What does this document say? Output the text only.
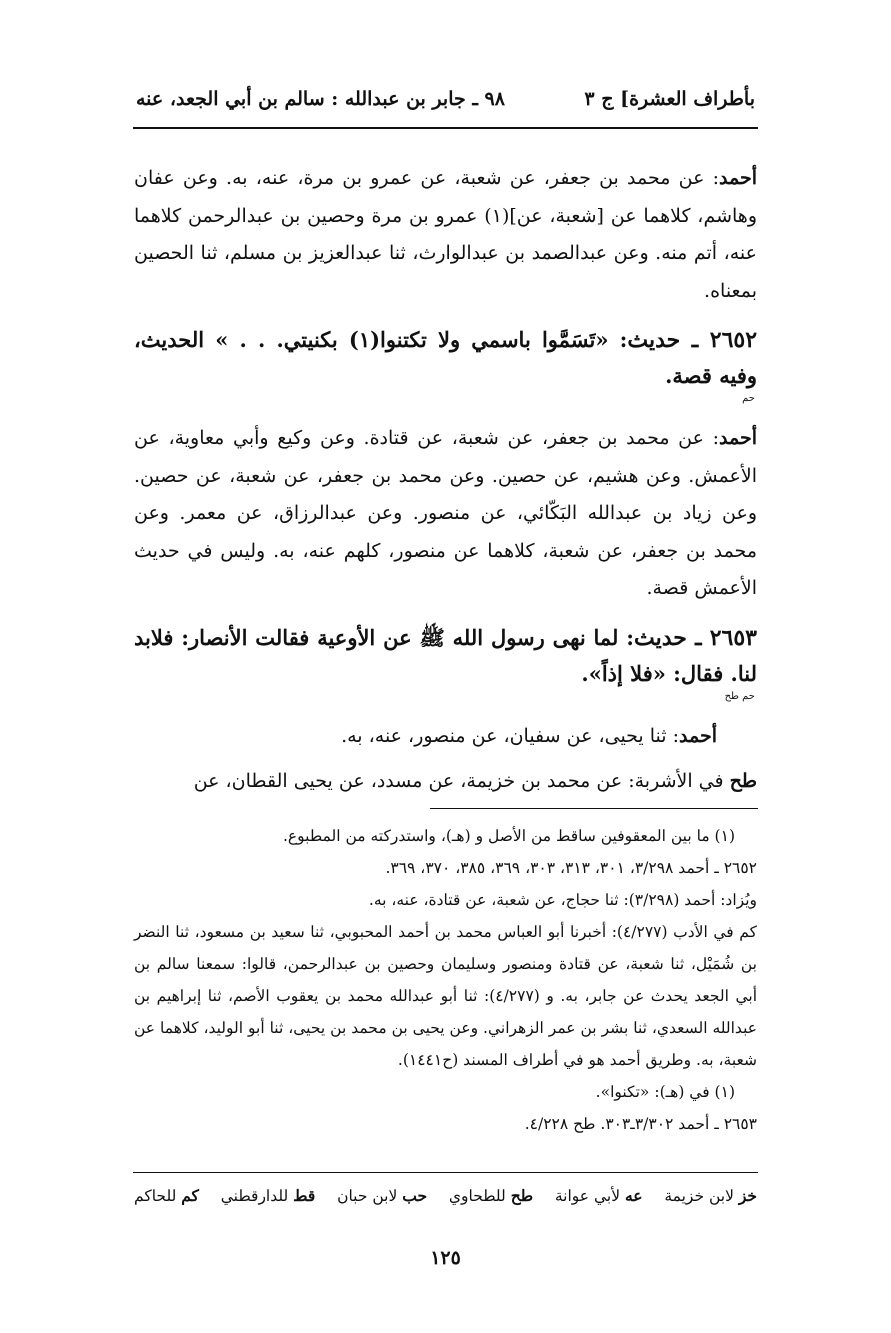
بأطراف العشرة] ج ٣
٩٨ ـ جابر بن عبدالله : سالم بن أبي الجعد، عنه

أحمد: عن محمد بن جعفر، عن شعبة، عن عمرو بن مرة، عنه، به. وعن عفان وهاشم، كلاهما عن [شعبة، عن](١) عمرو بن مرة وحصين بن عبدالرحمن كلاهما عنه، أتم منه. وعن عبدالصمد بن عبدالوارث، ثنا عبدالعزيز بن مسلم، ثنا الحصين بمعناه.

٢٦٥٢ ـ حديث: «تَسَمَّوا باسمي ولا تكتنوا(١) بكنيتي. . . » الحديث، وفيه قصة.
حم

أحمد: عن محمد بن جعفر، عن شعبة، عن قتادة. وعن وكيع وأبي معاوية، عن الأعمش. وعن هشيم، عن حصين. وعن محمد بن جعفر، عن شعبة، عن حصين. وعن زياد بن عبدالله البَكّائي، عن منصور. وعن عبدالرزاق، عن معمر. وعن محمد بن جعفر، عن شعبة، كلاهما عن منصور، كلهم عنه، به. وليس في حديث الأعمش قصة.

٢٦٥٣ ـ حديث: لما نهى رسول الله ﷺ عن الأوعية فقالت الأنصار: فلابد لنا. فقال: «فلا إذاً».
حم طح

أحمد: ثنا يحيى، عن سفيان، عن منصور، عنه، به.

طح في الأشربة: عن محمد بن خزيمة، عن مسدد، عن يحيى القطان، عن

(١) ما بين المعقوفين ساقط من الأصل و (هـ)، واستدركته من المطبوع.

٢٦٥٢ ـ أحمد ٣/٢٩٨، ٣٠١، ٣١٣، ٣٠٣، ٣٦٩، ٣٨٥، ٣٧٠، ٣٦٩.

ويُزاد: أحمد (٣/٢٩٨): ثنا حجاج، عن شعبة، عن قتادة، عنه، به.

كم في الأدب (٤/٢٧٧): أخبرنا أبو العباس محمد بن أحمد المحبوبي، ثنا سعيد بن مسعود، ثنا النضر بن شُمَيْل، ثنا شعبة، عن قتادة ومنصور وسليمان وحصين بن عبدالرحمن، قالوا: سمعنا سالم بن أبي الجعد يحدث عن جابر، به. و (٤/٢٧٧): ثنا أبو عبدالله محمد بن يعقوب الأصم، ثنا إبراهيم بن عبدالله السعدي، ثنا بشر بن عمر الزهراني. وعن يحيى بن محمد بن يحيى، ثنا أبو الوليد، كلاهما عن شعبة، به. وطريق أحمد هو في أطراف المسند (ح١٤٤١).

(١) في (هـ): «تكنوا».

٢٦٥٣ ـ أحمد ٣/٣٠٢ـ٣٠٣. طح ٤/٢٢٨.

خز لابن خزيمة
عه لأبي عوانة
طح للطحاوي
حب لابن حبان
قط للدارقطني
كم للحاكم
١٢٥
